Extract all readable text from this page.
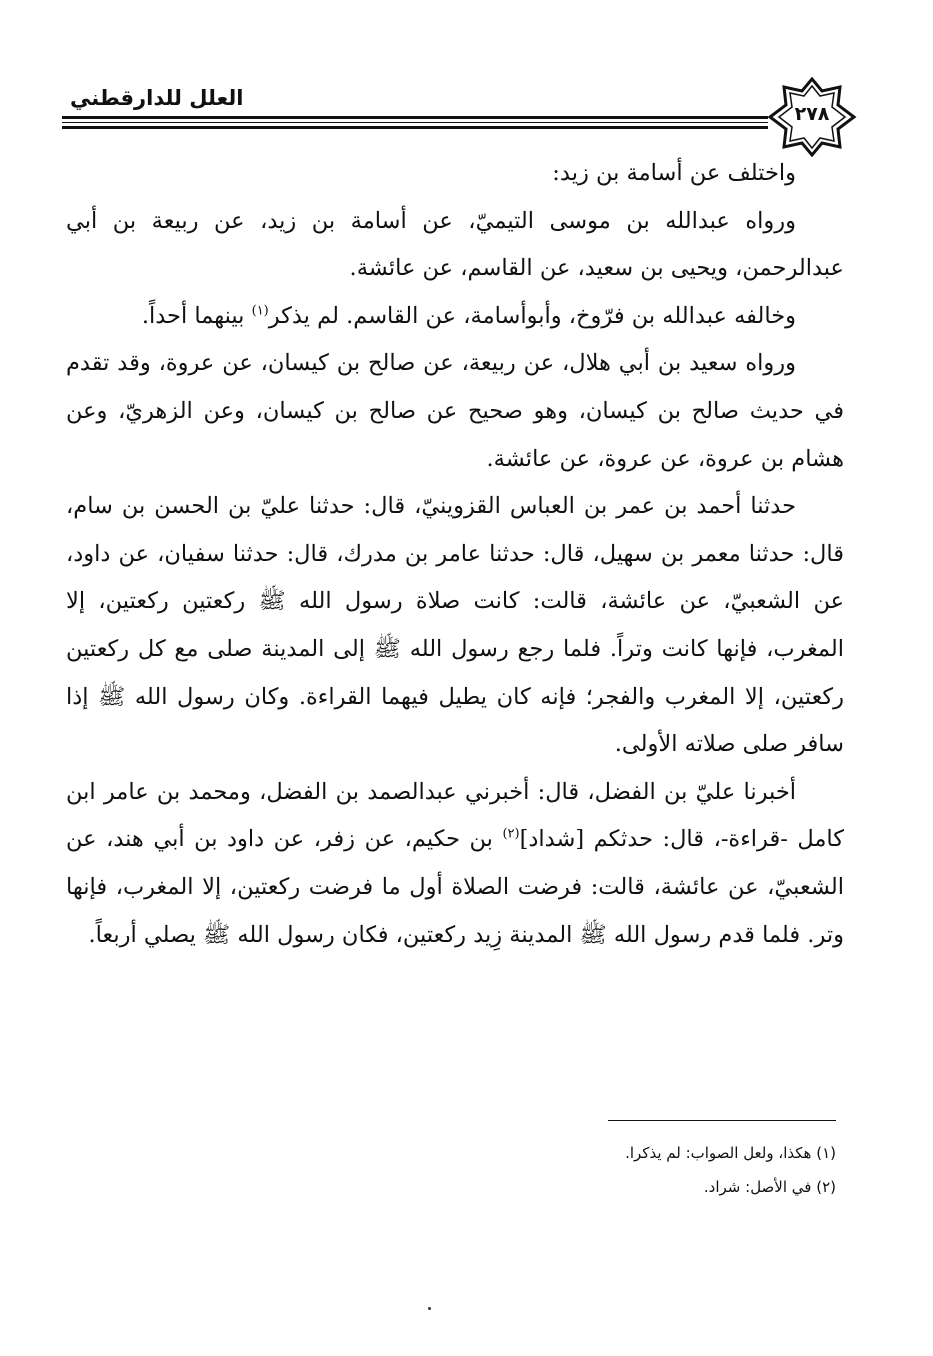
العلل للدارقطني
٢٧٨

واختلف عن أسامة بن زيد:

ورواه عبدالله بن موسى التيميّ، عن أسامة بن زيد، عن ربيعة بن أبي عبدالرحمن، ويحيى بن سعيد، عن القاسم، عن عائشة.

وخالفه عبدالله بن فرّوخ، وأبوأسامة، عن القاسم. لم يذكر$^{(١)}$ بينهما أحداً.

ورواه سعيد بن أبي هلال، عن ربيعة، عن صالح بن كيسان، عن عروة، وقد تقدم في حديث صالح بن كيسان، وهو صحيح عن صالح بن كيسان، وعن الزهريّ، وعن هشام بن عروة، عن عروة، عن عائشة.

حدثنا أحمد بن عمر بن العباس القزوينيّ، قال: حدثنا عليّ بن الحسن بن سام، قال: حدثنا معمر بن سهيل، قال: حدثنا عامر بن مدرك، قال: حدثنا سفيان، عن داود، عن الشعبيّ، عن عائشة، قالت: كانت صلاة رسول الله ﷺ ركعتين ركعتين، إلا المغرب، فإنها كانت وتراً. فلما رجع رسول الله ﷺ إلى المدينة صلى مع كل ركعتين ركعتين، إلا المغرب والفجر؛ فإنه كان يطيل فيهما القراءة. وكان رسول الله ﷺ إذا سافر صلى صلاته الأولى.

أخبرنا عليّ بن الفضل، قال: أخبرني عبدالصمد بن الفضل، ومحمد بن عامر ابن كامل -قراءة-، قال: حدثكم [شداد]$^{(٢)}$ بن حكيم، عن زفر، عن داود بن أبي هند، عن الشعبيّ، عن عائشة، قالت: فرضت الصلاة أول ما فرضت ركعتين، إلا المغرب، فإنها وتر. فلما قدم رسول الله ﷺ المدينة زِيد ركعتين، فكان رسول الله ﷺ يصلي أربعاً.

(١) هكذا، ولعل الصواب: لم يذكرا.

(٢) في الأصل: شراد.
